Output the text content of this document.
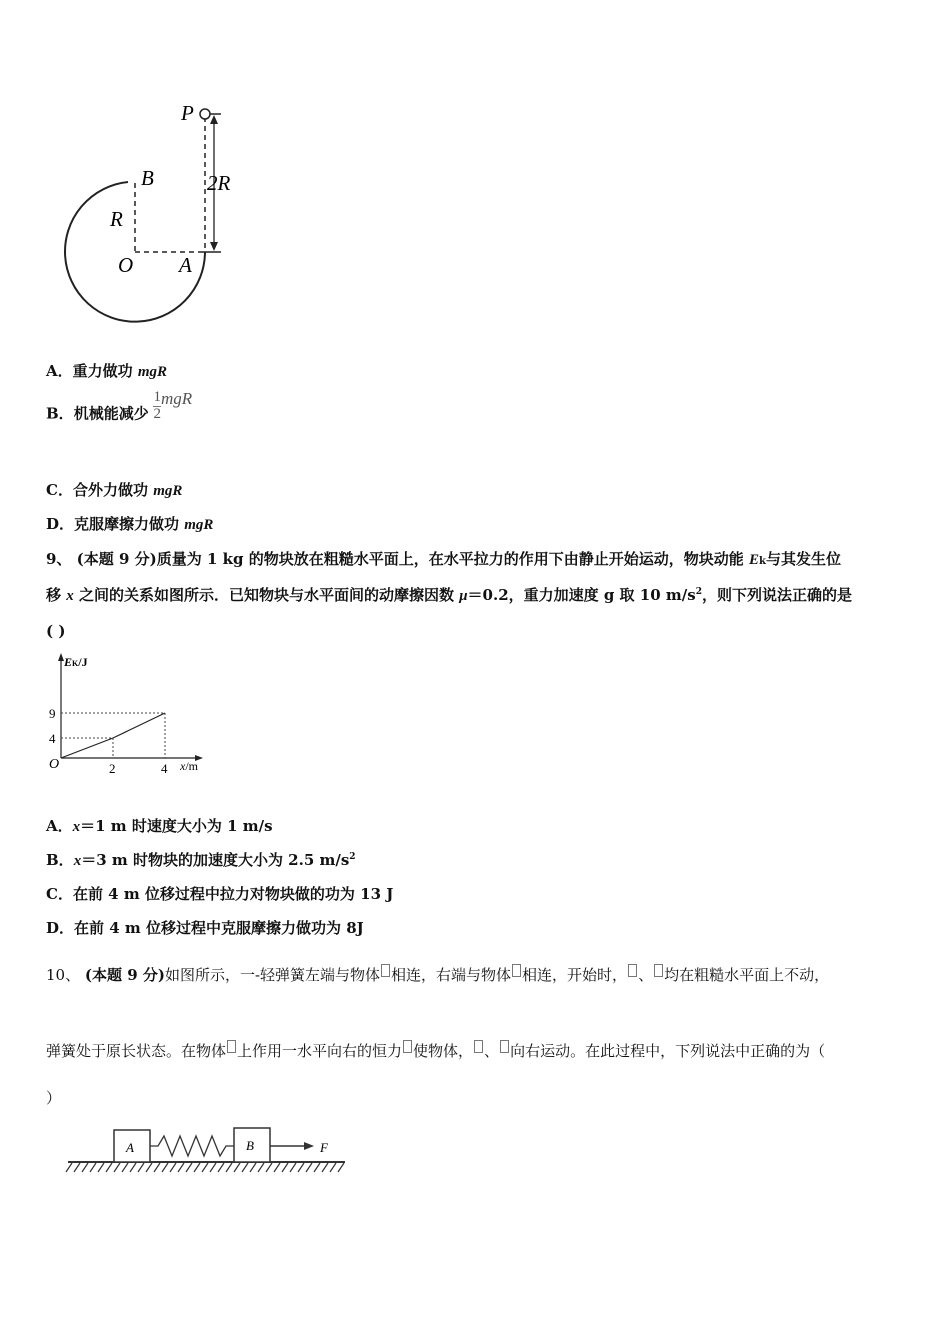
P
B
R
2R
O A
A．重力做功 mgR
B．机械能减少 $\frac{1}{2}$ mgR
C．合外力做功 mgR
D．克服摩擦力做功 mgR
9、 (本题 9 分)质量为 1 kg 的物块放在粗糙水平面上，在水平拉力的作用下由静止开始运动，物块动能 Ek与其发生位
移 x 之间的关系如图所示．已知物块与水平面间的动摩擦因数 μ＝0.2，重力加速度 g 取 10 $m/s^2$，则下列说法正确的是
( )
EK/J
x/m
O	2	4
4
9
A．x＝1 m 时速度大小为 1 m/s
B．x＝3 m 时物块的加速度大小为 2.5 $m/s^2$
C．在前 4 m 位移过程中拉力对物块做的功为 13 J
D．在前 4 m 位移过程中克服摩擦力做功为 8J
10、 (本题 9 分)如图所示，一-轻弹簧左端与物体 相连，右端与物体 相连，开始时， 、 均在粗糙水平面上不动，
弹簧处于原长状态。在物体 上作用一水平向右的恒力 使物体， 、 向右运动。在此过程中，下列说法中正确的为（
）
A	B	F
